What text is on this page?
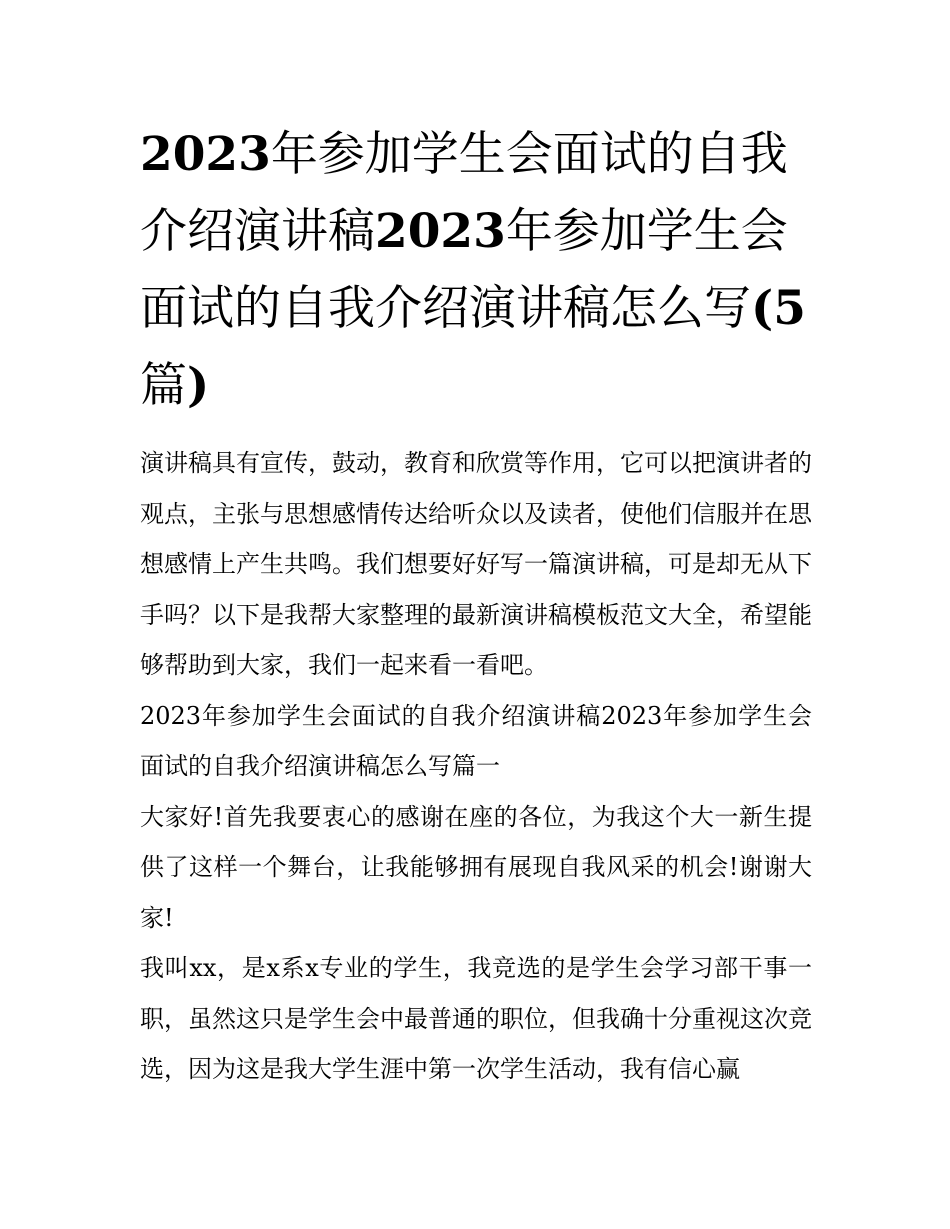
2023年参加学生会面试的自我介绍演讲稿2023年参加学生会面试的自我介绍演讲稿怎么写(5篇)

演讲稿具有宣传，鼓动，教育和欣赏等作用，它可以把演讲者的观点，主张与思想感情传达给听众以及读者，使他们信服并在思想感情上产生共鸣。我们想要好好写一篇演讲稿，可是却无从下手吗？以下是我帮大家整理的最新演讲稿模板范文大全，希望能够帮助到大家，我们一起来看一看吧。

2023年参加学生会面试的自我介绍演讲稿2023年参加学生会面试的自我介绍演讲稿怎么写篇一

大家好!首先我要衷心的感谢在座的各位，为我这个大一新生提供了这样一个舞台，让我能够拥有展现自我风采的机会!谢谢大家!

我叫xx，是x系x专业的学生，我竞选的是学生会学习部干事一职，虽然这只是学生会中最普通的职位，但我确十分重视这次竞选，因为这是我大学生涯中第一次学生活动，我有信心赢
